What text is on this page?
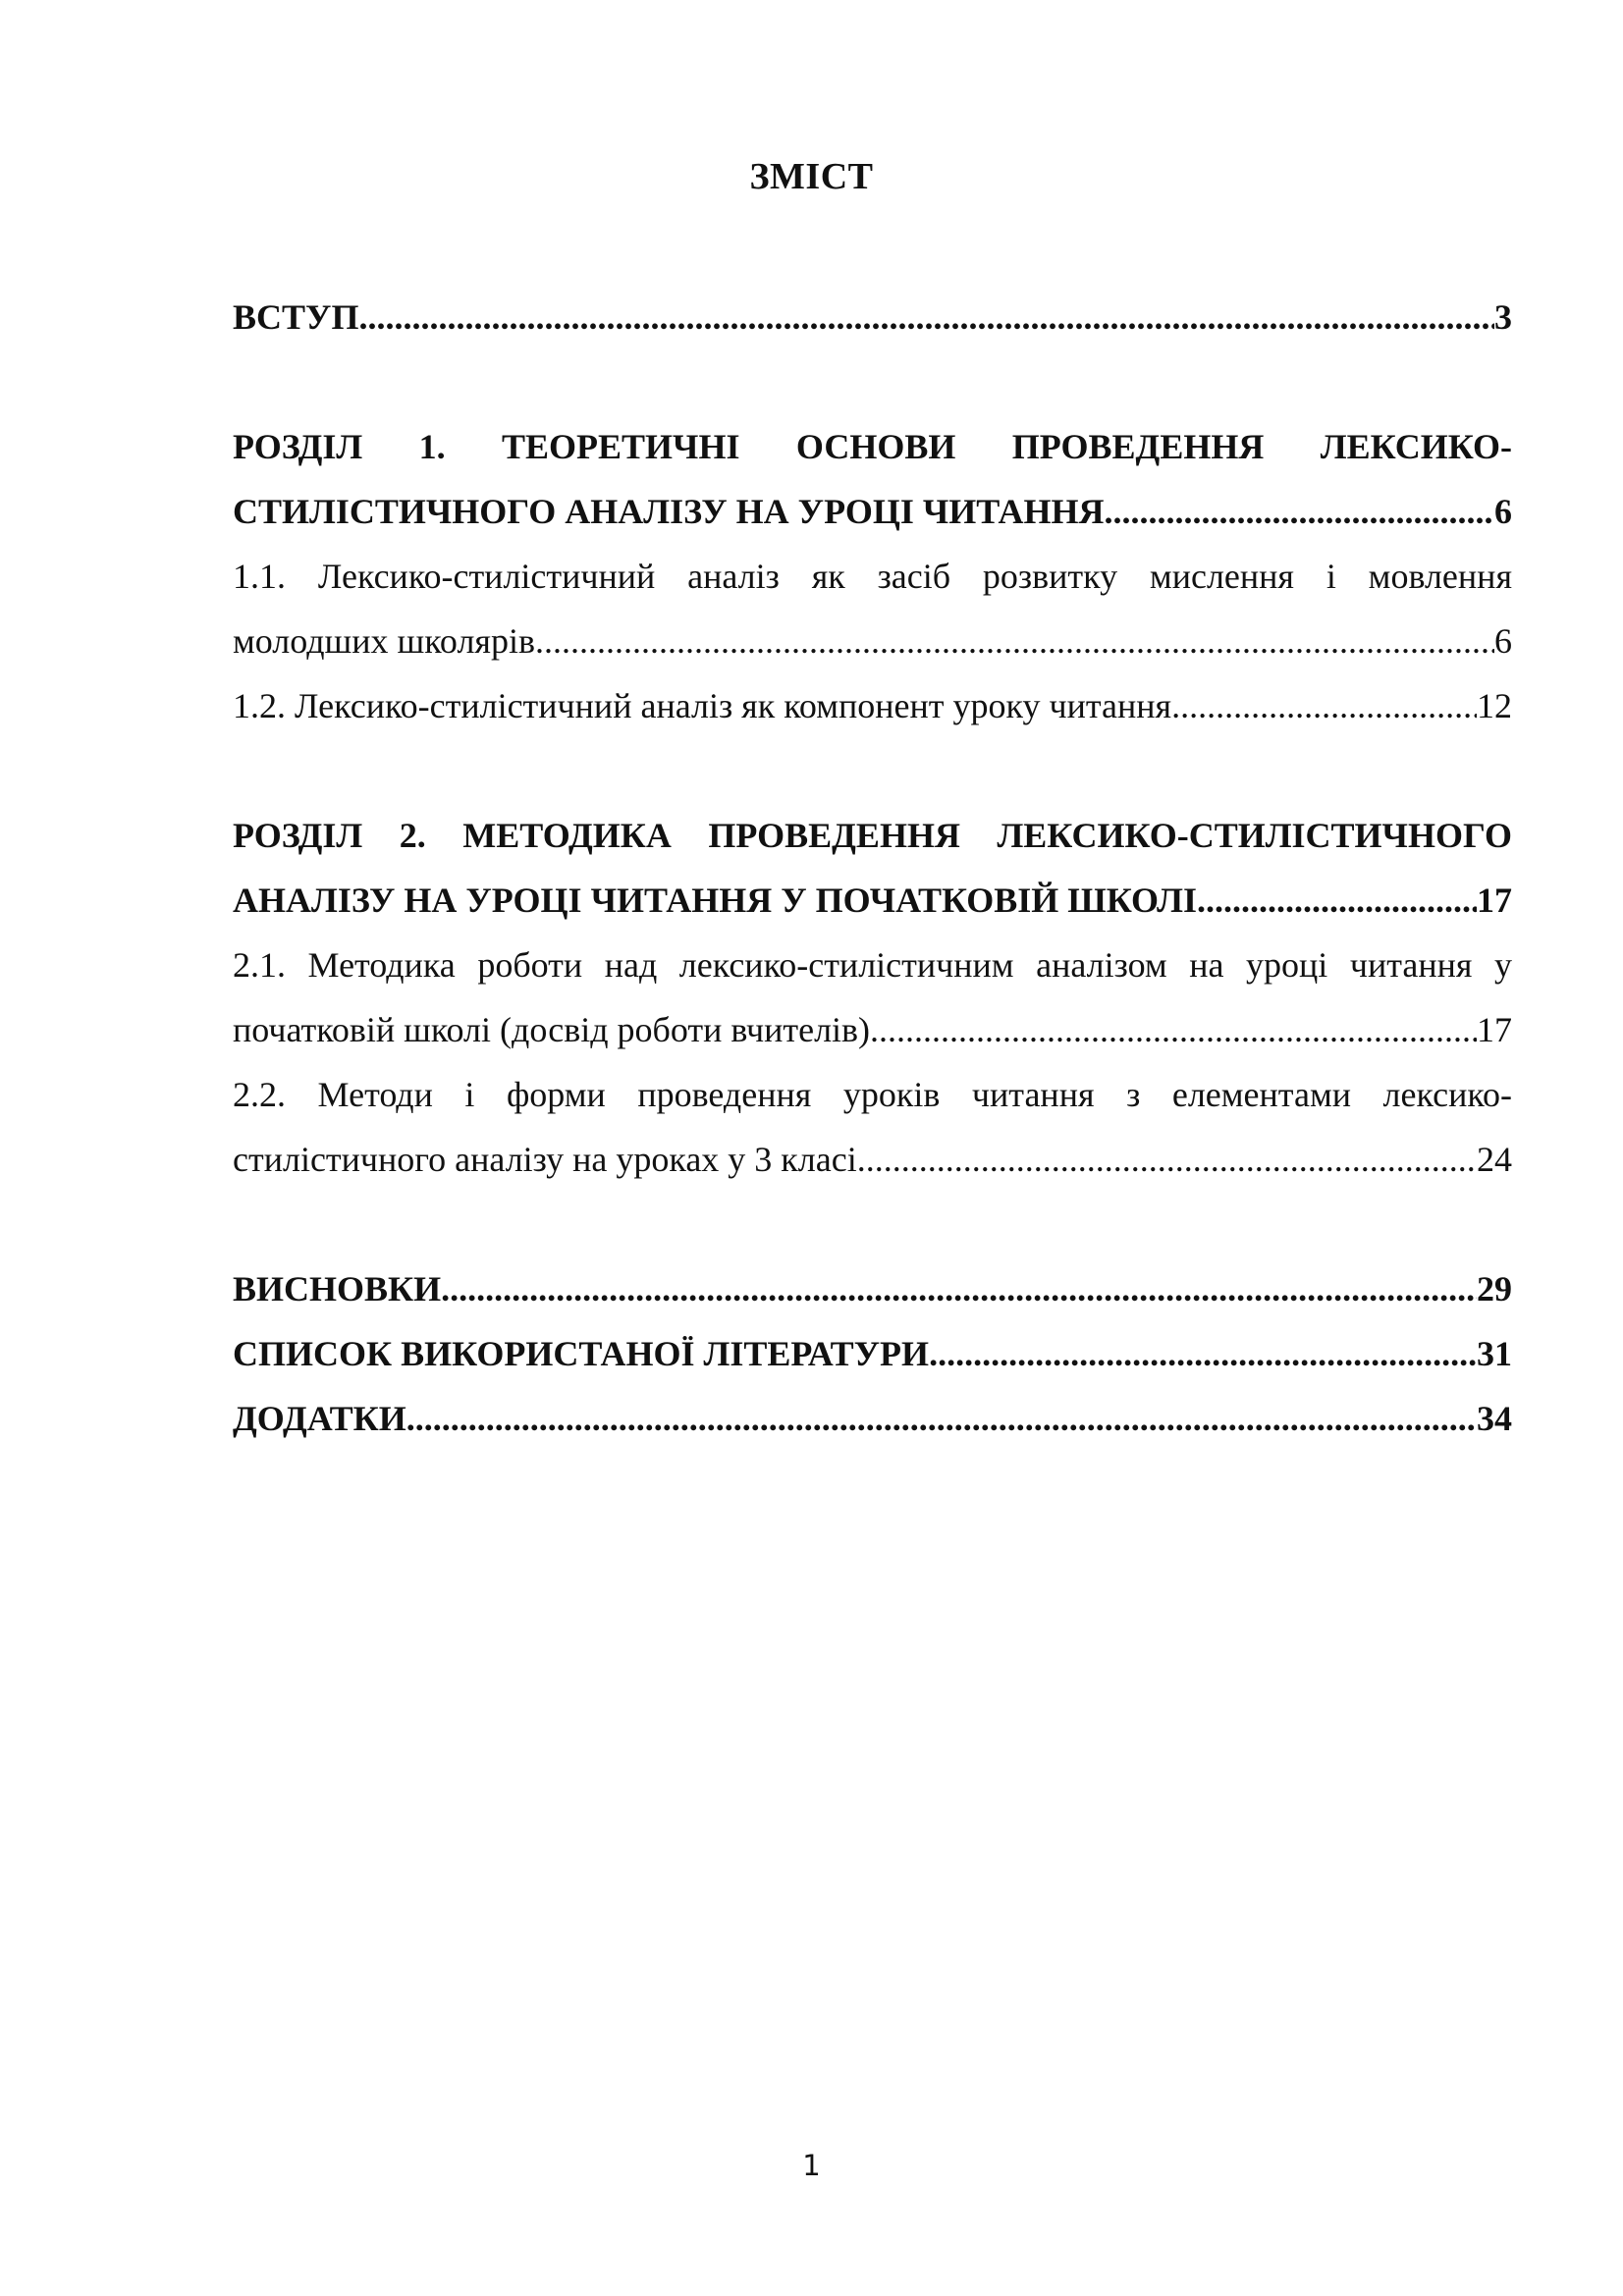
ЗМІСТ
ВСТУП .....	3
РОЗДІЛ 1. ТЕОРЕТИЧНІ ОСНОВИ ПРОВЕДЕННЯ ЛЕКСИКО-
СТИЛІСТИЧНОГО АНАЛІЗУ НА УРОЦІ ЧИТАННЯ .....	6
1.1. Лексико-стилістичний аналіз як засіб розвитку мислення і мовлення
молодших школярів .....	6
1.2. Лексико-стилістичний аналіз як компонент уроку читання .....	12
РОЗДІЛ 2. МЕТОДИКА ПРОВЕДЕННЯ ЛЕКСИКО-СТИЛІСТИЧНОГО
АНАЛІЗУ НА УРОЦІ ЧИТАННЯ У ПОЧАТКОВІЙ ШКОЛІ .....	17
2.1. Методика роботи над лексико-стилістичним аналізом на уроці читання у
початковій школі (досвід роботи вчителів) .....	17
2.2. Методи і форми проведення уроків читання з елементами лексико-
стилістичного аналізу на уроках у 3 класі .....	24
ВИСНОВКИ .....	29
СПИСОК ВИКОРИСТАНОЇ ЛІТЕРАТУРИ .....	31
ДОДАТКИ .....	34
1
